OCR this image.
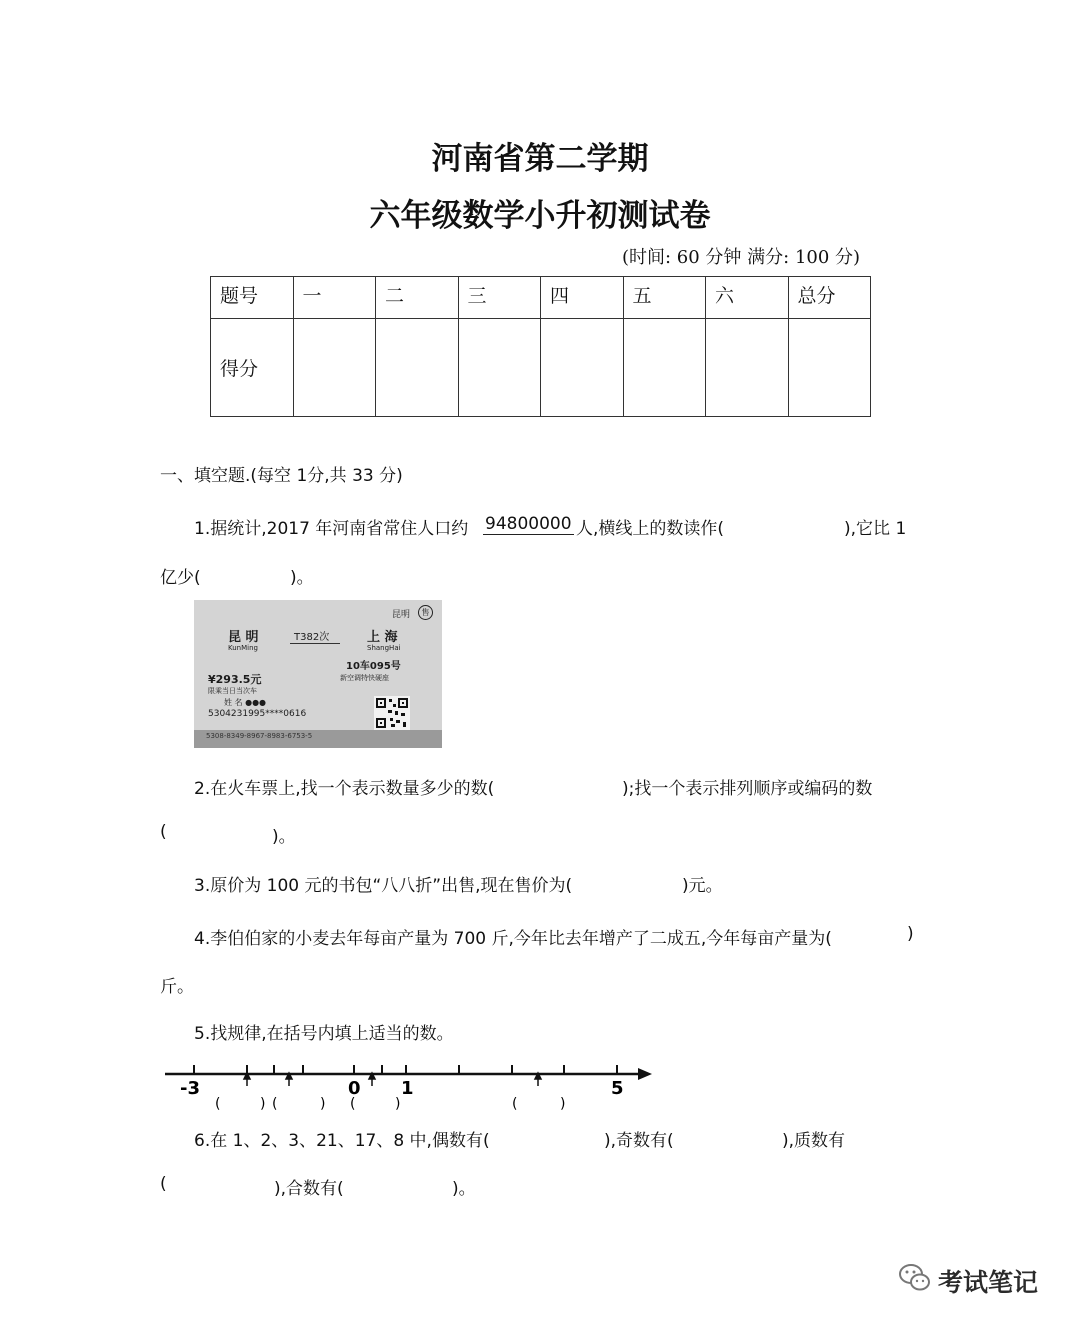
河南省第二学期
六年级数学小升初测试卷
(时间: 60 分钟 满分: 100 分)
题号	一	二	三	四	五	六	总分
得分							
一、填空题.(每空 1分,共 33 分)
1.据统计,2017 年河南省常住人口约 94800000 人,横线上的数读作(	),它比 1
亿少(	)。
昆明	售
昆 明
KunMing
T382次	上 海
ShangHai
10车095号
¥293.5元	新空调特快硬座
限乘当日当次车
姓 名 ●●●
5304231995****0616
5308-8349-8967-8983-6753-5
2.在火车票上,找一个表示数量多少的数(	);找一个表示排列顺序或编码的数
(	)。
3.原价为 100 元的书包“八八折”出售,现在售价为(	)元。
4.李伯伯家的小麦去年每亩产量为 700 斤,今年比去年增产了二成五,今年每亩产量为(	)
斤。
5.找规律,在括号内填上适当的数。
-3	0 1	5
(	) (	) (	)	(	)
6.在 1、2、3、21、17、8 中,偶数有(	),奇数有(	),质数有
(	),合数有(	)。
考试笔记
